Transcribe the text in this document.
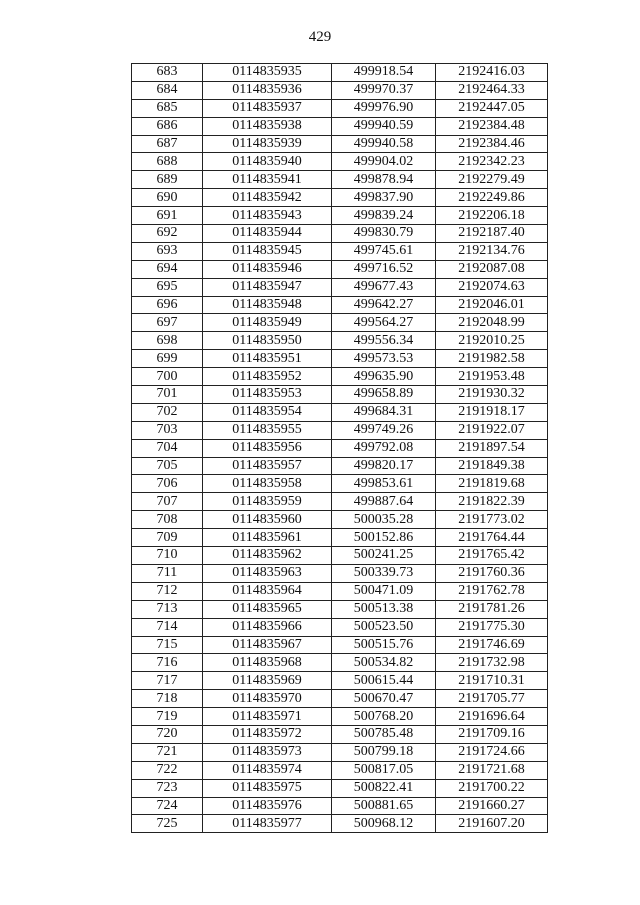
429
683	0114835935	499918.54	2192416.03
684	0114835936	499970.37	2192464.33
685	0114835937	499976.90	2192447.05
686	0114835938	499940.59	2192384.48
687	0114835939	499940.58	2192384.46
688	0114835940	499904.02	2192342.23
689	0114835941	499878.94	2192279.49
690	0114835942	499837.90	2192249.86
691	0114835943	499839.24	2192206.18
692	0114835944	499830.79	2192187.40
693	0114835945	499745.61	2192134.76
694	0114835946	499716.52	2192087.08
695	0114835947	499677.43	2192074.63
696	0114835948	499642.27	2192046.01
697	0114835949	499564.27	2192048.99
698	0114835950	499556.34	2192010.25
699	0114835951	499573.53	2191982.58
700	0114835952	499635.90	2191953.48
701	0114835953	499658.89	2191930.32
702	0114835954	499684.31	2191918.17
703	0114835955	499749.26	2191922.07
704	0114835956	499792.08	2191897.54
705	0114835957	499820.17	2191849.38
706	0114835958	499853.61	2191819.68
707	0114835959	499887.64	2191822.39
708	0114835960	500035.28	2191773.02
709	0114835961	500152.86	2191764.44
710	0114835962	500241.25	2191765.42
711	0114835963	500339.73	2191760.36
712	0114835964	500471.09	2191762.78
713	0114835965	500513.38	2191781.26
714	0114835966	500523.50	2191775.30
715	0114835967	500515.76	2191746.69
716	0114835968	500534.82	2191732.98
717	0114835969	500615.44	2191710.31
718	0114835970	500670.47	2191705.77
719	0114835971	500768.20	2191696.64
720	0114835972	500785.48	2191709.16
721	0114835973	500799.18	2191724.66
722	0114835974	500817.05	2191721.68
723	0114835975	500822.41	2191700.22
724	0114835976	500881.65	2191660.27
725	0114835977	500968.12	2191607.20
